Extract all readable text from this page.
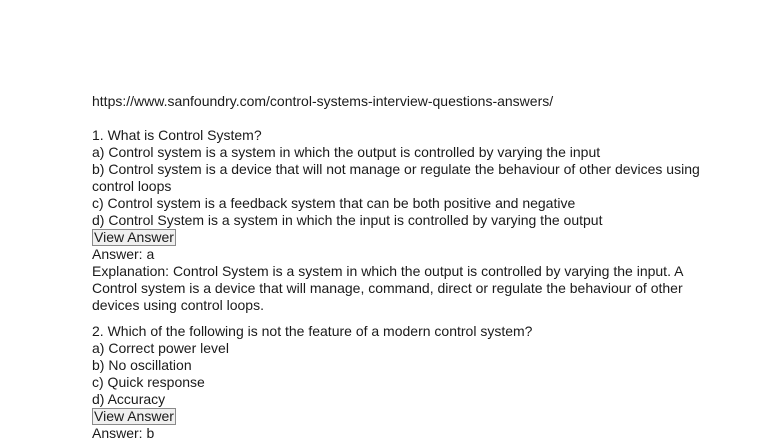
https://www.sanfoundry.com/control-systems-interview-questions-answers/

1. What is Control System?

a) Control system is a system in which the output is controlled by varying the input

b) Control system is a device that will not manage or regulate the behaviour of other devices using control loops

c) Control system is a feedback system that can be both positive and negative

d) Control System is a system in which the input is controlled by varying the output

View Answer

Answer: a

Explanation: Control System is a system in which the output is controlled by varying the input. A Control system is a device that will manage, command, direct or regulate the behaviour of other devices using control loops.

2. Which of the following is not the feature of a modern control system?

a) Correct power level

b) No oscillation

c) Quick response

d) Accuracy

View Answer

Answer: b
